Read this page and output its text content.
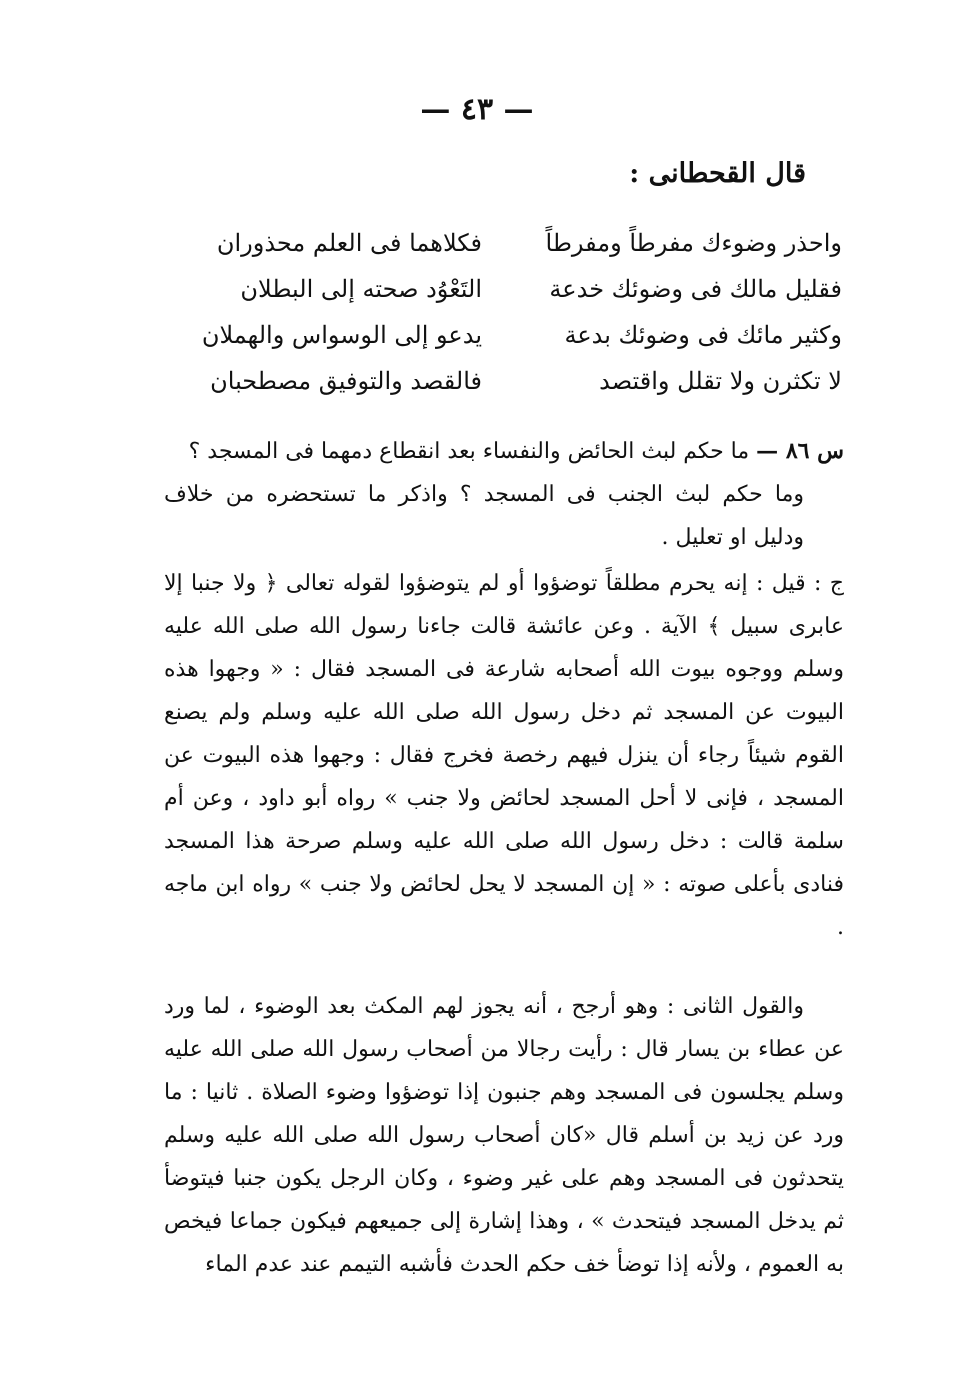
— ٤٣ —
قال القحطانى :
واحذر وضوءك مفرطاً ومفرطاً
فكلاهما فى العلم محذوران
فقليل مالك فى وضوئك خدعة
التَعْوُد صحته إلى البطلان
وكثير مائك فى وضوئك بدعة
يدعو إلى الوسواس والهملان
لا تكثرن ولا تقلل واقتصد
فالقصد والتوفيق مصطحبان

س ٨٦ — ما حكم لبث الحائض والنفساء بعد انقطاع دمهما فى المسجد ؟

وما حكم لبث الجنب فى المسجد ؟ واذكر ما تستحضره من خلاف ودليل او تعليل .

ج : قيل : إنه يحرم مطلقاً توضؤوا أو لم يتوضؤوا لقوله تعالى ﴿ ولا جنبا إلا عابرى سبيل ﴾ الآية . وعن عائشة قالت جاءنا رسول الله صلى الله عليه وسلم ووجوه بيوت الله أصحابه شارعة فى المسجد فقال : « وجهوا هذه البيوت عن المسجد ثم دخل رسول الله صلى الله عليه وسلم ولم يصنع القوم شيئاً رجاء أن ينزل فيهم رخصة فخرج فقال : وجهوا هذه البيوت عن المسجد ، فإنى لا أحل المسجد لحائض ولا جنب » رواه أبو داود ، وعن أم سلمة قالت : دخل رسول الله صلى الله عليه وسلم صرحة هذا المسجد فنادى بأعلى صوته : « إن المسجد لا يحل لحائض ولا جنب » رواه ابن ماجه .

والقول الثانى : وهو أرجح ، أنه يجوز لهم المكث بعد الوضوء ، لما ورد عن عطاء بن يسار قال : رأيت رجالا من أصحاب رسول الله صلى الله عليه وسلم يجلسون فى المسجد وهم جنبون إذا توضؤوا وضوء الصلاة . ثانيا : ما ورد عن زيد بن أسلم قال «كان أصحاب رسول الله صلى الله عليه وسلم يتحدثون فى المسجد وهم على غير وضوء ، وكان الرجل يكون جنبا فيتوضأ ثم يدخل المسجد فيتحدث » ، وهذا إشارة إلى جميعهم فيكون جماعا فيخص به العموم ، ولأنه إذا توضأ خف حكم الحدث فأشبه التيمم عند عدم الماء
